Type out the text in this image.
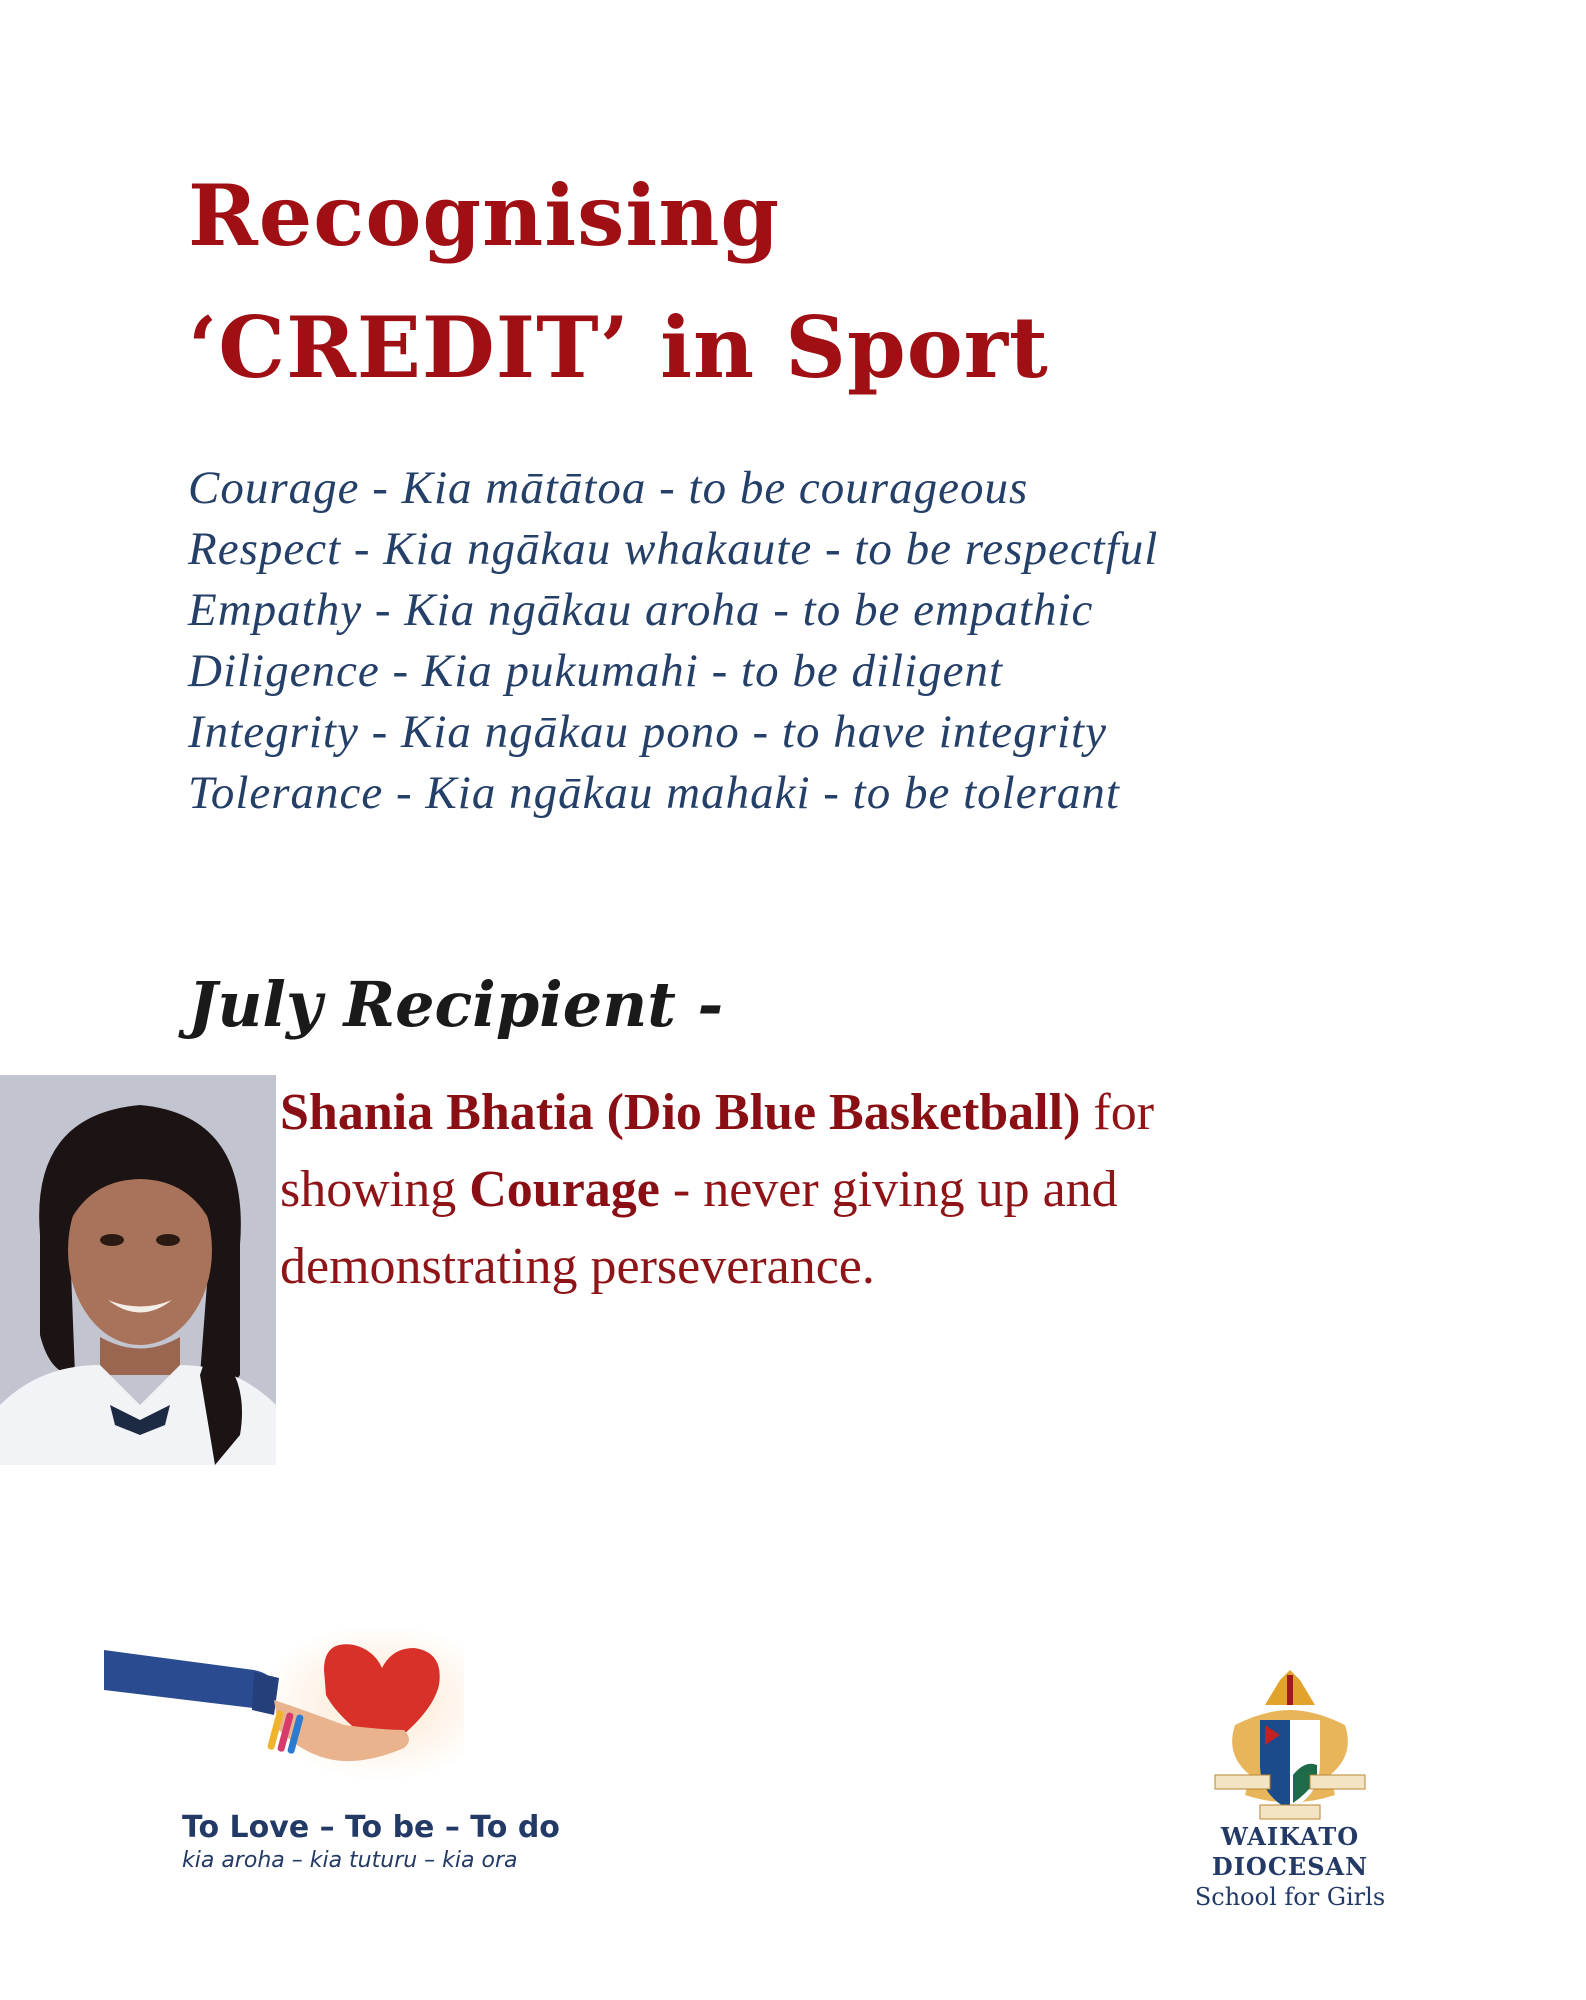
Recognising
‘CREDIT’ in Sport
Courage - Kia mātātoa - to be courageous
Respect - Kia ngākau whakaute - to be respectful
Empathy - Kia ngākau aroha - to be empathic
Diligence - Kia pukumahi - to be diligent
Integrity - Kia ngākau pono - to have integrity
Tolerance - Kia ngākau mahaki - to be tolerant
July Recipient -
Shania Bhatia (Dio Blue Basketball) for showing Courage - never giving up and demonstrating perseverance.
To Love – To be – To do
kia aroha – kia tuturu – kia ora
WAIKATO DIOCESAN
School for Girls
